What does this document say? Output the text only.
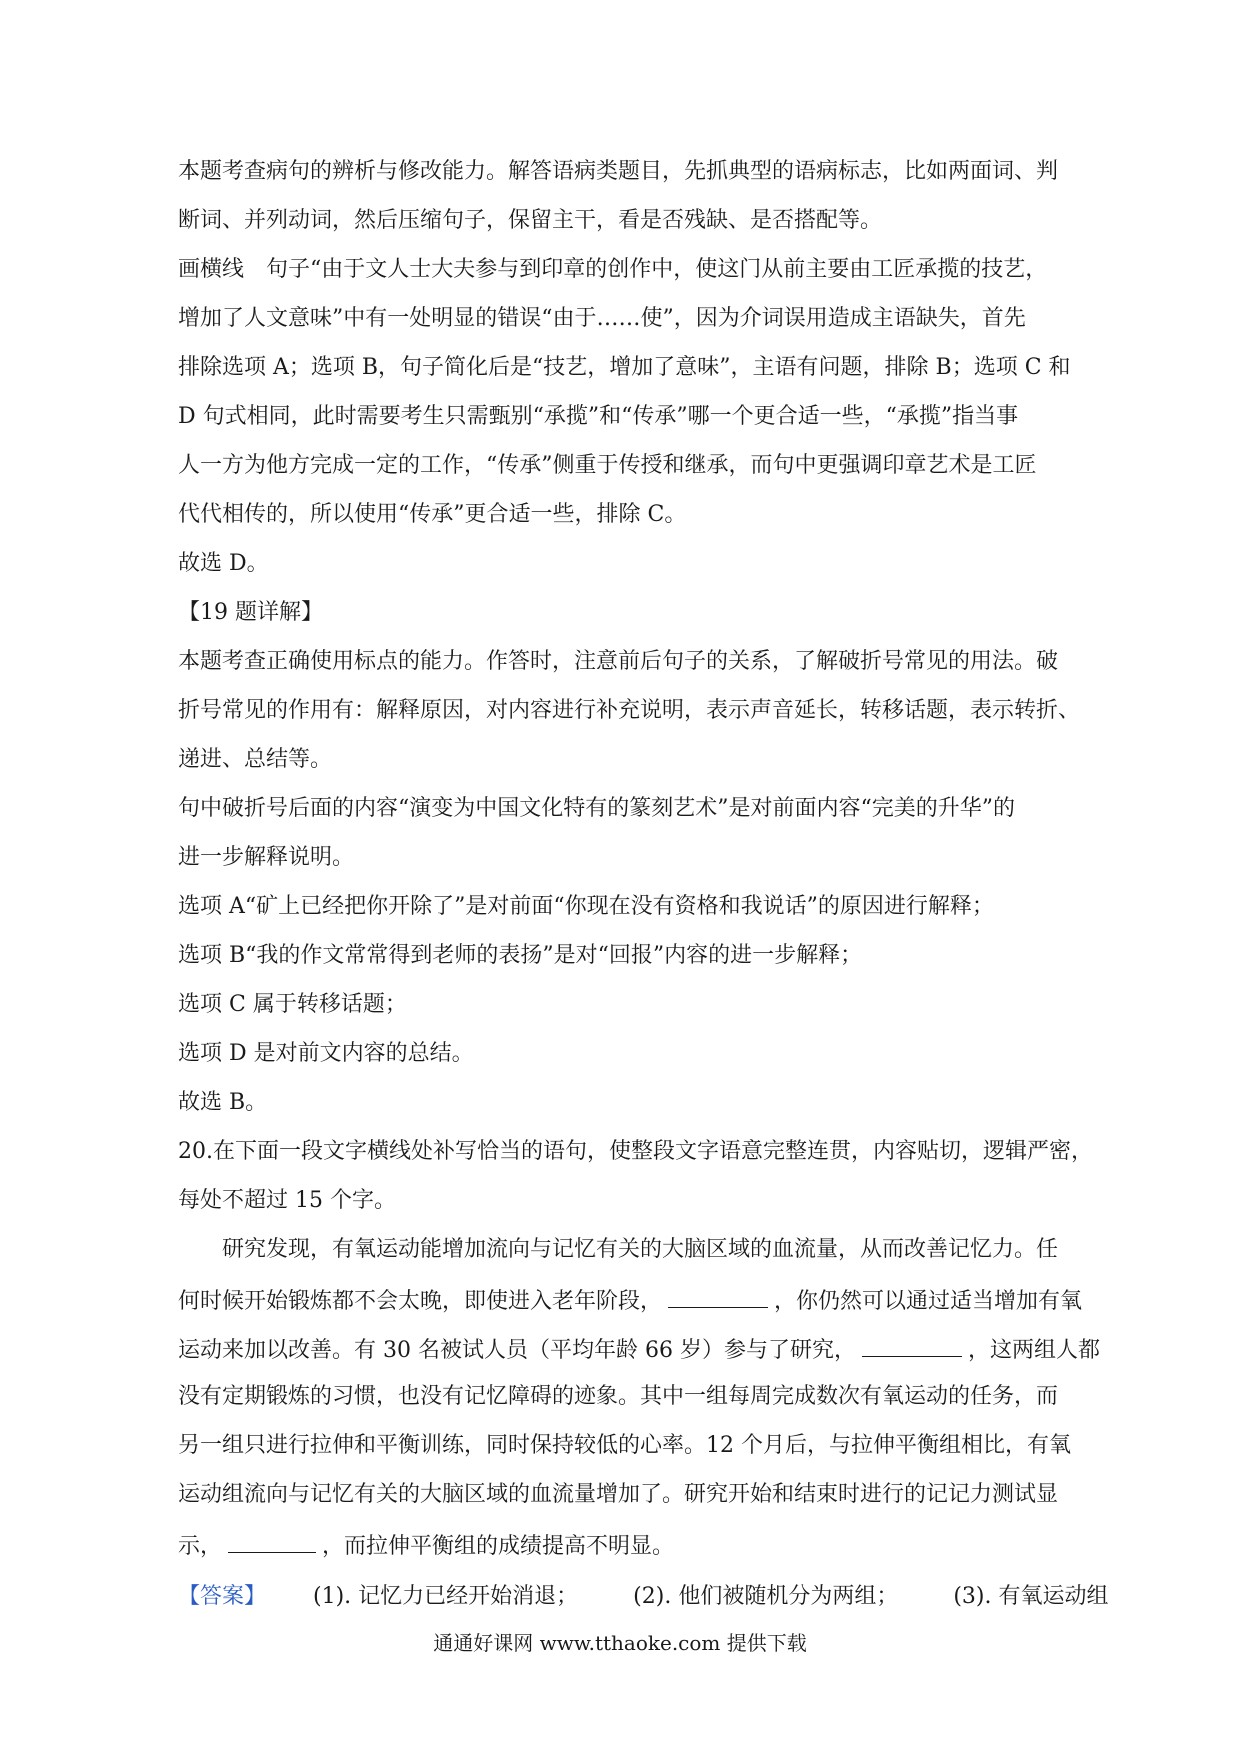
本题考查病句的辨析与修改能力。解答语病类题目，先抓典型的语病标志，比如两面词、判
断词、并列动词，然后压缩句子，保留主干，看是否残缺、是否搭配等。
画横线　句子“由于文人士大夫参与到印章的创作中，使这门从前主要由工匠承揽的技艺，
增加了人文意味”中有一处明显的错误“由于……使”，因为介词误用造成主语缺失，首先
排除选项 A；选项 B，句子简化后是“技艺，增加了意味”，主语有问题，排除 B；选项 C 和
D 句式相同，此时需要考生只需甄别“承揽”和“传承”哪一个更合适一些，“承揽”指当事
人一方为他方完成一定的工作，“传承”侧重于传授和继承，而句中更强调印章艺术是工匠
代代相传的，所以使用“传承”更合适一些，排除 C。
故选 D。
【19 题详解】
本题考查正确使用标点的能力。作答时，注意前后句子的关系，了解破折号常见的用法。破
折号常见的作用有：解释原因，对内容进行补充说明，表示声音延长，转移话题，表示转折、
递进、总结等。
句中破折号后面的内容“演变为中国文化特有的篆刻艺术”是对前面内容“完美的升华”的
进一步解释说明。
选项 A“矿上已经把你开除了”是对前面“你现在没有资格和我说话”的原因进行解释；
选项 B“我的作文常常得到老师的表扬”是对“回报”内容的进一步解释；
选项 C 属于转移话题；
选项 D 是对前文内容的总结。
故选 B。
20.在下面一段文字横线处补写恰当的语句，使整段文字语意完整连贯，内容贴切，逻辑严密，
每处不超过 15 个字。
研究发现，有氧运动能增加流向与记忆有关的大脑区域的血流量，从而改善记忆力。任
何时候开始锻炼都不会太晚，即使进入老年阶段，	，你仍然可以通过适当增加有氧
运动来加以改善。有 30 名被试人员（平均年龄 66 岁）参与了研究，	，这两组人都
没有定期锻炼的习惯，也没有记忆障碍的迹象。其中一组每周完成数次有氧运动的任务，而
另一组只进行拉伸和平衡训练，同时保持较低的心率。12 个月后，与拉伸平衡组相比，有氧
运动组流向与记忆有关的大脑区域的血流量增加了。研究开始和结束时进行的记记力测试显
示，	，而拉伸平衡组的成绩提高不明显。
【答案】 (1). 记忆力已经开始消退；	(2). 他们被随机分为两组；	(3). 有氧运动组
通通好课网 www.tthaoke.com 提供下载
